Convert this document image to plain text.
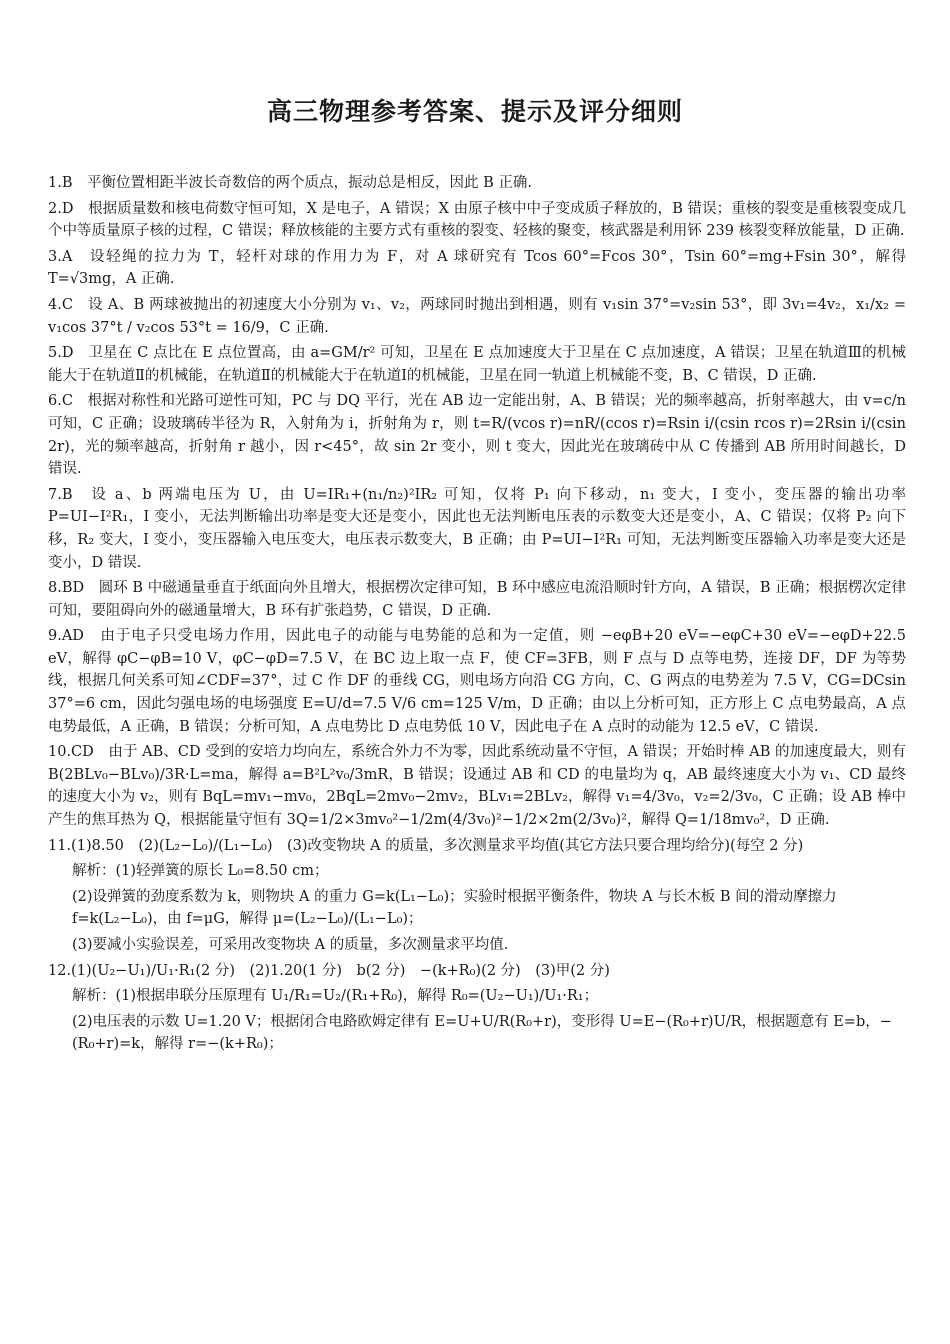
高三物理参考答案、提示及评分细则
1.B　平衡位置相距半波长奇数倍的两个质点，振动总是相反，因此 B 正确.
2.D　根据质量数和核电荷数守恒可知，X 是电子，A 错误；X 由原子核中中子变成质子释放的，B 错误；重核的裂变是重核裂变成几个中等质量原子核的过程，C 错误；释放核能的主要方式有重核的裂变、轻核的聚变，核武器是利用钚 239 核裂变释放能量，D 正确.
3.A　设轻绳的拉力为 T，轻杆对球的作用力为 F，对 A 球研究有 Tcos 60°=Fcos 30°，Tsin 60°=mg+Fsin 30°，解得 T=√3mg，A 正确.
4.C　设 A、B 两球被抛出的初速度大小分别为 v₁、v₂，两球同时抛出到相遇，则有 v₁sin 37°=v₂sin 53°，即 3v₁=4v₂，x₁/x₂ = v₁cos 37°t / v₂cos 53°t = 16/9，C 正确.
5.D　卫星在 C 点比在 E 点位置高，由 a=GM/r² 可知，卫星在 E 点加速度大于卫星在 C 点加速度，A 错误；卫星在轨道Ⅲ的机械能大于在轨道Ⅱ的机械能，在轨道Ⅱ的机械能大于在轨道Ⅰ的机械能，卫星在同一轨道上机械能不变，B、C 错误，D 正确.
6.C　根据对称性和光路可逆性可知，PC 与 DQ 平行，光在 AB 边一定能出射，A、B 错误；光的频率越高，折射率越大，由 v=c/n 可知，C 正确；设玻璃砖半径为 R，入射角为 i，折射角为 r，则 t=R/(vcos r)=nR/(ccos r)=Rsin i/(csin rcos r)=2Rsin i/(csin 2r)，光的频率越高，折射角 r 越小，因 r<45°，故 sin 2r 变小，则 t 变大，因此光在玻璃砖中从 C 传播到 AB 所用时间越长，D 错误.
7.B　设 a、b 两端电压为 U，由 U=IR₁+(n₁/n₂)²IR₂ 可知，仅将 P₁ 向下移动，n₁ 变大，I 变小，变压器的输出功率 P=UI−I²R₁，I 变小，无法判断输出功率是变大还是变小，因此也无法判断电压表的示数变大还是变小，A、C 错误；仅将 P₂ 向下移，R₂ 变大，I 变小，变压器输入电压变大，电压表示数变大，B 正确；由 P=UI−I²R₁ 可知，无法判断变压器输入功率是变大还是变小，D 错误.
8.BD　圆环 B 中磁通量垂直于纸面向外且增大，根据楞次定律可知，B 环中感应电流沿顺时针方向，A 错误，B 正确；根据楞次定律可知，要阻碍向外的磁通量增大，B 环有扩张趋势，C 错误，D 正确.
9.AD　由于电子只受电场力作用，因此电子的动能与电势能的总和为一定值，则 −eφB+20 eV=−eφC+30 eV=−eφD+22.5 eV，解得 φC−φB=10 V，φC−φD=7.5 V，在 BC 边上取一点 F，使 CF=3FB，则 F 点与 D 点等电势，连接 DF，DF 为等势线，根据几何关系可知∠CDF=37°，过 C 作 DF 的垂线 CG，则电场方向沿 CG 方向，C、G 两点的电势差为 7.5 V，CG=DCsin 37°=6 cm，因此匀强电场的电场强度 E=U/d=7.5 V/6 cm=125 V/m，D 正确；由以上分析可知，正方形上 C 点电势最高，A 点电势最低，A 正确，B 错误；分析可知，A 点电势比 D 点电势低 10 V，因此电子在 A 点时的动能为 12.5 eV，C 错误.
10.CD　由于 AB、CD 受到的安培力均向左，系统合外力不为零，因此系统动量不守恒，A 错误；开始时棒 AB 的加速度最大，则有 B(2BLv₀−BLv₀)/3R·L=ma，解得 a=B²L²v₀/3mR，B 错误；设通过 AB 和 CD 的电量均为 q，AB 最终速度大小为 v₁、CD 最终的速度大小为 v₂，则有 BqL=mv₁−mv₀，2BqL=2mv₀−2mv₂，BLv₁=2BLv₂，解得 v₁=4/3v₀，v₂=2/3v₀，C 正确；设 AB 棒中产生的焦耳热为 Q，根据能量守恒有 3Q=1/2×3mv₀²−1/2m(4/3v₀)²−1/2×2m(2/3v₀)²，解得 Q=1/18mv₀²，D 正确.
11.(1)8.50　(2)(L₂−L₀)/(L₁−L₀)　(3)改变物块 A 的质量，多次测量求平均值(其它方法只要合理均给分)(每空 2 分)
解析：(1)轻弹簧的原长 L₀=8.50 cm；
(2)设弹簧的劲度系数为 k，则物块 A 的重力 G=k(L₁−L₀)；实验时根据平衡条件，物块 A 与长木板 B 间的滑动摩擦力 f=k(L₂−L₀)，由 f=μG，解得 μ=(L₂−L₀)/(L₁−L₀)；
(3)要减小实验误差，可采用改变物块 A 的质量，多次测量求平均值.
12.(1)(U₂−U₁)/U₁·R₁(2 分)　(2)1.20(1 分)　b(2 分)　−(k+R₀)(2 分)　(3)甲(2 分)
解析：(1)根据串联分压原理有 U₁/R₁=U₂/(R₁+R₀)，解得 R₀=(U₂−U₁)/U₁·R₁；
(2)电压表的示数 U=1.20 V；根据闭合电路欧姆定律有 E=U+U/R(R₀+r)，变形得 U=E−(R₀+r)U/R，根据题意有 E=b，−(R₀+r)=k，解得 r=−(k+R₀)；
